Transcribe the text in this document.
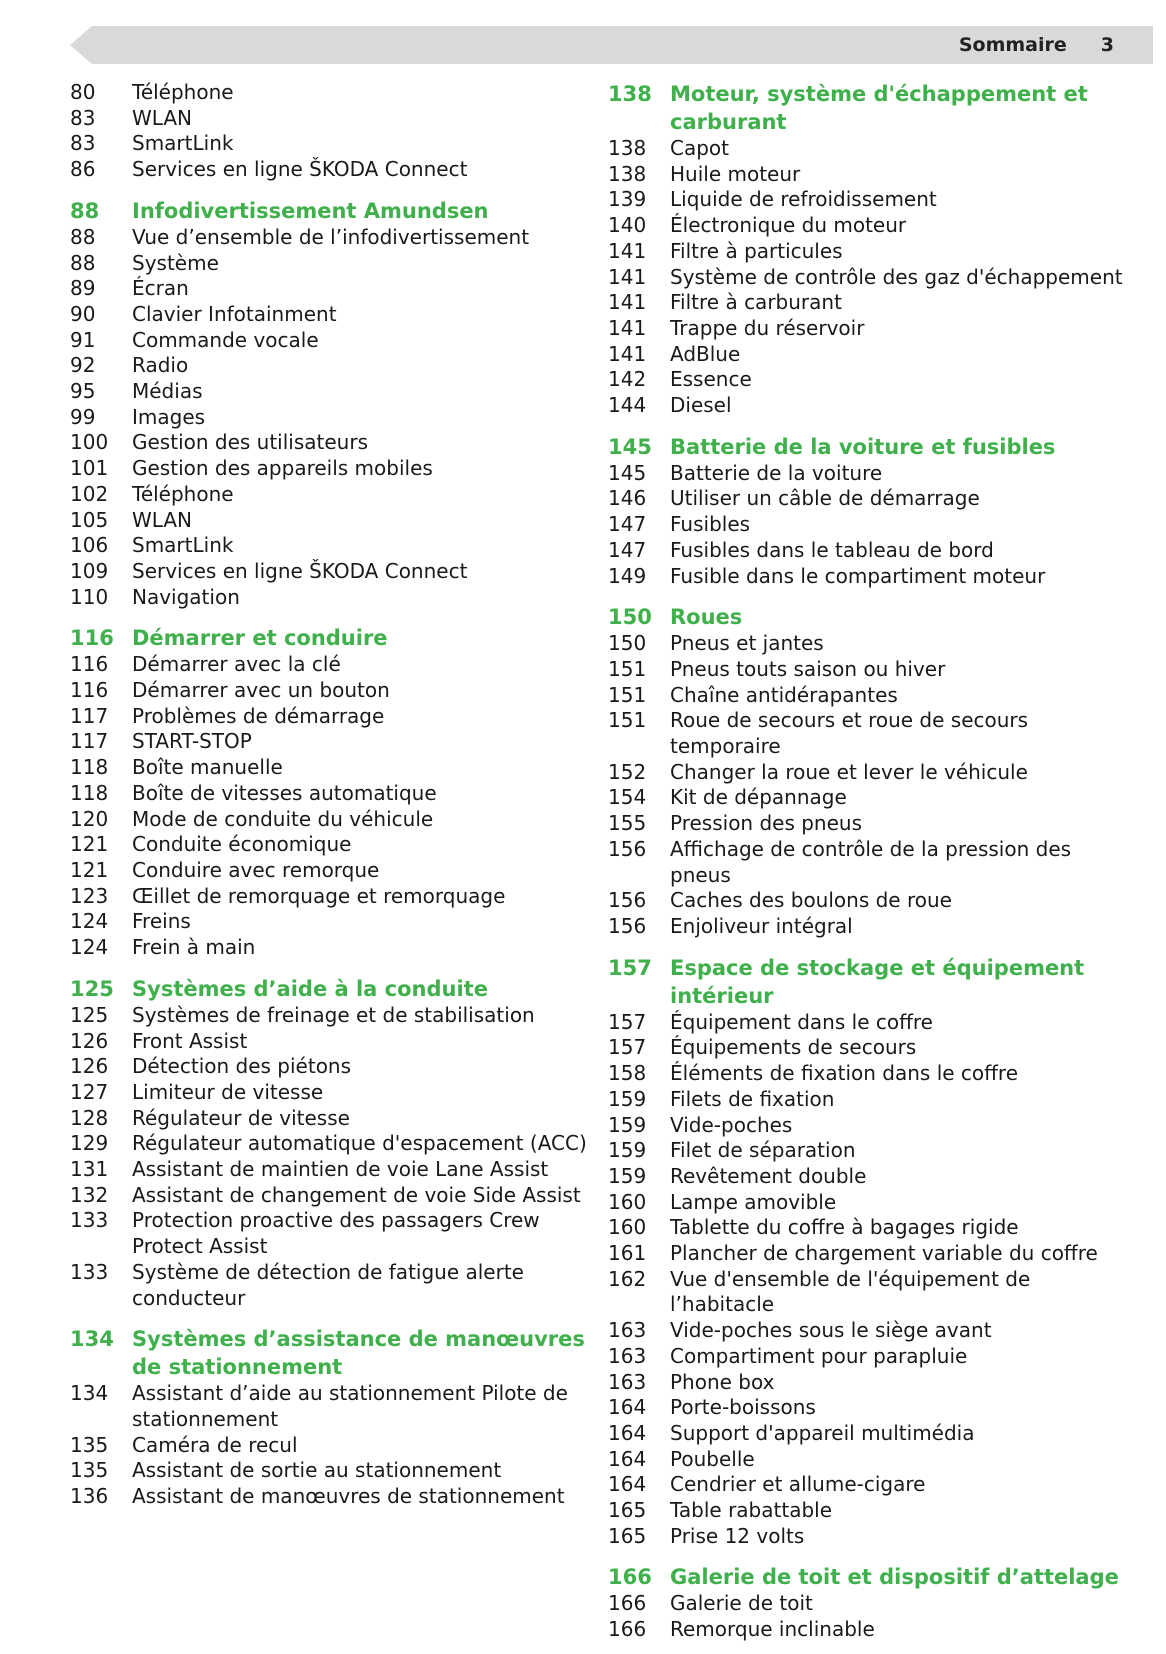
Sommaire 3
80	Téléphone
83	WLAN
83	SmartLink
86	Services en ligne ŠKODA Connect
88	Infodivertissement Amundsen
88	Vue d’ensemble de l’infodivertissement
88	Système
89	Écran
90	Clavier Infotainment
91	Commande vocale
92	Radio
95	Médias
99	Images
100	Gestion des utilisateurs
101	Gestion des appareils mobiles
102	Téléphone
105	WLAN
106	SmartLink
109	Services en ligne ŠKODA Connect
110	Navigation
116 Démarrer et conduire
116	Démarrer avec la clé
116	Démarrer avec un bouton
117	Problèmes de démarrage
117	START-STOP
118	Boîte manuelle
118	Boîte de vitesses automatique
120	Mode de conduite du véhicule
121	Conduite économique
121	Conduire avec remorque
123	Œillet de remorquage et remorquage
124	Freins
124	Frein à main
125 Systèmes d’aide à la conduite
125	Systèmes de freinage et de stabilisation
126	Front Assist
126	Détection des piétons
127	Limiteur de vitesse
128	Régulateur de vitesse
129	Régulateur automatique d'espacement (ACC)
131	Assistant de maintien de voie Lane Assist
132	Assistant de changement de voie Side Assist
133	Protection proactive des passagers Crew Protect Assist
133	Système de détection de fatigue alerte conducteur
134 Systèmes d’assistance de manœuvres de stationnement
134	Assistant d’aide au stationnement Pilote de stationnement
135	Caméra de recul
135	Assistant de sortie au stationnement
136	Assistant de manœuvres de stationnement
138 Moteur, système d'échappement et carburant
138	Capot
138	Huile moteur
139	Liquide de refroidissement
140	Électronique du moteur
141	Filtre à particules
141	Système de contrôle des gaz d'échappement
141	Filtre à carburant
141	Trappe du réservoir
141	AdBlue
142	Essence
144	Diesel
145 Batterie de la voiture et fusibles
145	Batterie de la voiture
146	Utiliser un câble de démarrage
147	Fusibles
147	Fusibles dans le tableau de bord
149	Fusible dans le compartiment moteur
150 Roues
150	Pneus et jantes
151	Pneus touts saison ou hiver
151	Chaîne antidérapantes
151	Roue de secours et roue de secours temporaire
152	Changer la roue et lever le véhicule
154	Kit de dépannage
155	Pression des pneus
156	Affichage de contrôle de la pression des pneus
156	Caches des boulons de roue
156	Enjoliveur intégral
157 Espace de stockage et équipement intérieur
157	Équipement dans le coffre
157	Équipements de secours
158	Éléments de fixation dans le coffre
159	Filets de fixation
159	Vide-poches
159	Filet de séparation
159	Revêtement double
160	Lampe amovible
160	Tablette du coffre à bagages rigide
161	Plancher de chargement variable du coffre
162	Vue d'ensemble de l'équipement de l’habitacle
163	Vide-poches sous le siège avant
163	Compartiment pour parapluie
163	Phone box
164	Porte-boissons
164	Support d'appareil multimédia
164	Poubelle
164	Cendrier et allume-cigare
165	Table rabattable
165	Prise 12 volts
166 Galerie de toit et dispositif d’attelage
166	Galerie de toit
166	Remorque inclinable
